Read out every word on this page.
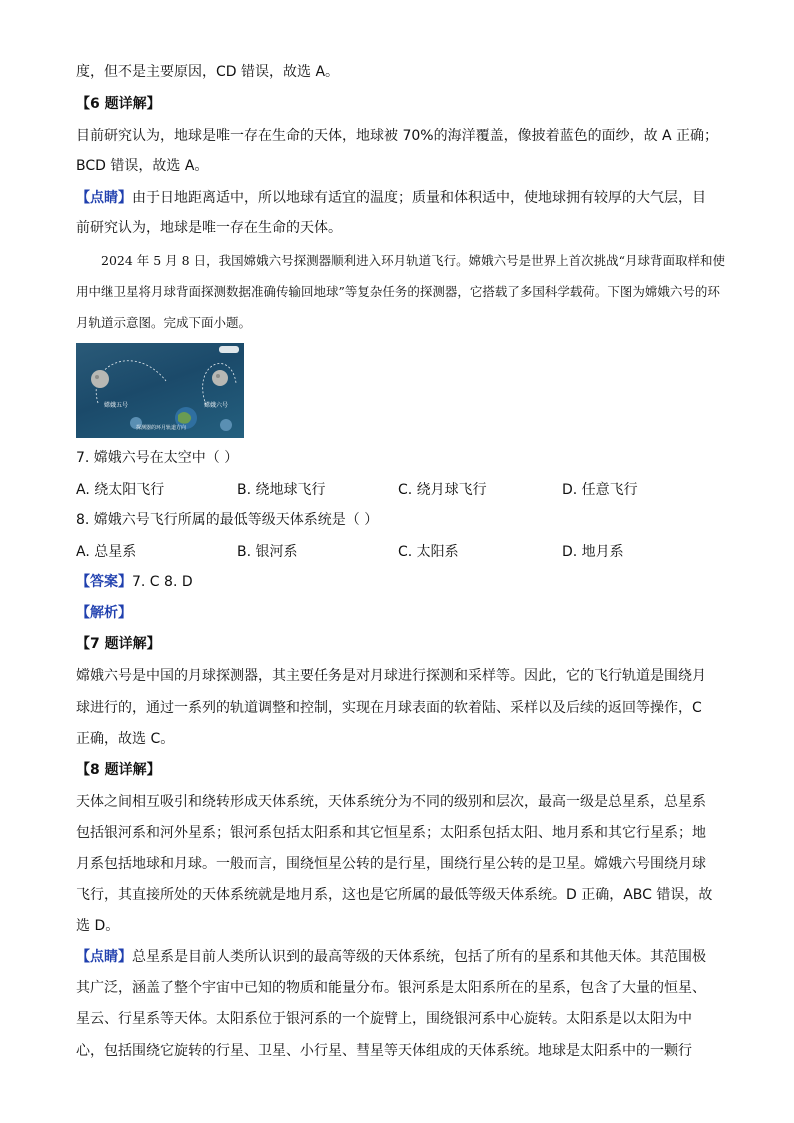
度，但不是主要原因，CD 错误，故选 A。
【6 题详解】
目前研究认为，地球是唯一存在生命的天体，地球被 70%的海洋覆盖，像披着蓝色的面纱，故 A 正确；
BCD 错误，故选 A。
【点睛】由于日地距离适中，所以地球有适宜的温度；质量和体积适中，使地球拥有较厚的大气层，目
前研究认为，地球是唯一存在生命的天体。
2024 年 5 月 8 日，我国嫦娥六号探测器顺利进入环月轨道飞行。嫦娥六号是世界上首次挑战“月球背面取样和使用中继卫星将月球背面探测数据准确传输回地球”等复杂任务的探测器，它搭载了多国科学载荷。下图为嫦娥六号的环月轨道示意图。完成下面小题。
嫦娥五号	嫦娥六号
探测器的环月轨道方向
7. 嫦娥六号在太空中（ ）
A. 绕太阳飞行	B. 绕地球飞行	C. 绕月球飞行	D. 任意飞行
8. 嫦娥六号飞行所属的最低等级天体系统是（ ）
A. 总星系	B. 银河系	C. 太阳系	D. 地月系
【答案】7. C 8. D
【解析】
【7 题详解】
嫦娥六号是中国的月球探测器，其主要任务是对月球进行探测和采样等。因此，它的飞行轨道是围绕月
球进行的，通过一系列的轨道调整和控制，实现在月球表面的软着陆、采样以及后续的返回等操作，C
正确，故选 C。
【8 题详解】
天体之间相互吸引和绕转形成天体系统，天体系统分为不同的级别和层次，最高一级是总星系，总星系
包括银河系和河外星系；银河系包括太阳系和其它恒星系；太阳系包括太阳、地月系和其它行星系；地
月系包括地球和月球。一般而言，围绕恒星公转的是行星，围绕行星公转的是卫星。嫦娥六号围绕月球
飞行，其直接所处的天体系统就是地月系，这也是它所属的最低等级天体系统。D 正确，ABC 错误，故
选 D。
【点睛】总星系是目前人类所认识到的最高等级的天体系统，包括了所有的星系和其他天体。其范围极
其广泛，涵盖了整个宇宙中已知的物质和能量分布。银河系是太阳系所在的星系，包含了大量的恒星、
星云、行星系等天体。太阳系位于银河系的一个旋臂上，围绕银河系中心旋转。太阳系是以太阳为中
心，包括围绕它旋转的行星、卫星、小行星、彗星等天体组成的天体系统。地球是太阳系中的一颗行
